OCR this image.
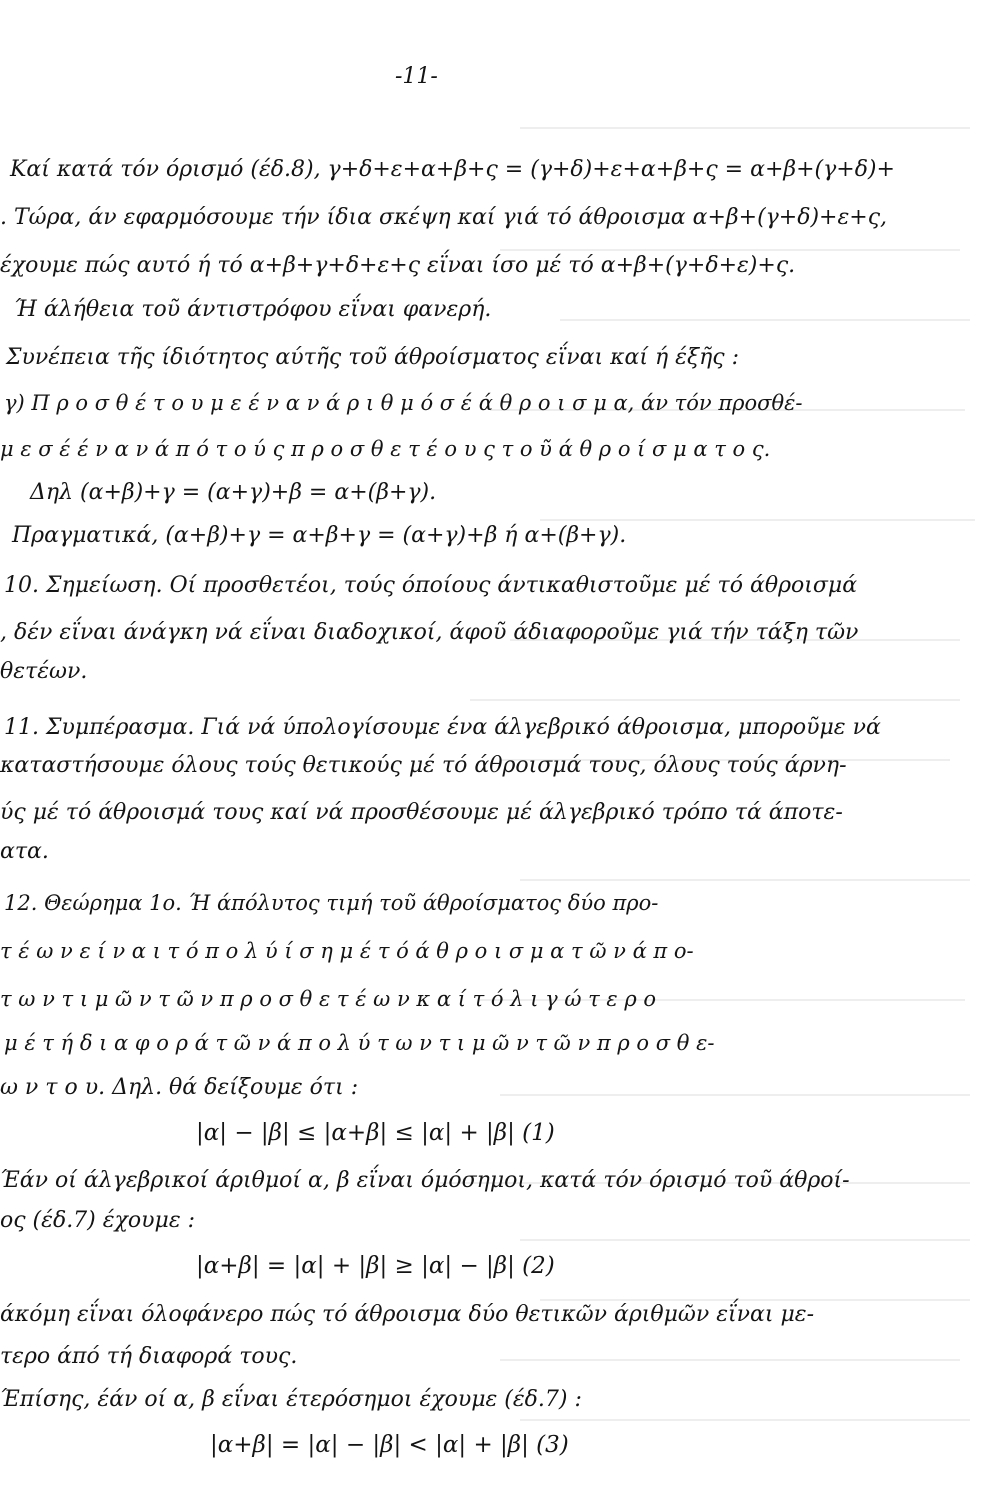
-11-
Καί κατά τόν όρισμό (έδ.8), γ+δ+ε+α+β+ς = (γ+δ)+ε+α+β+ς = α+β+(γ+δ)+
. Τώρα, άν εφαρμόσουμε τήν ίδια σκέψη καί γιά τό άθροισμα α+β+(γ+δ)+ε+ς,
έχουμε πώς αυτό ή τό α+β+γ+δ+ε+ς εΐναι ίσο μέ τό α+β+(γ+δ+ε)+ς.
Ή άλήθεια τοῦ άντιστρόφου εΐναι φανερή.
Συνέπεια τῆς ίδιότητος αύτῆς τοῦ άθροίσματος εΐναι καί ή έξῆς :
γ) Π ρ ο σ θ έ τ ο υ μ ε έ ν α ν ά ρ ι θ μ ό σ έ ά θ ρ ο ι σ μ α, άν τόν προσθέ-
μ ε σ έ έ ν α ν ά π ό τ ο ύ ς π ρ ο σ θ ε τ έ ο υ ς τ ο ῦ ά θ ρ ο ί σ μ α τ ο ς.
Δηλ (α+β)+γ = (α+γ)+β = α+(β+γ).
Πραγματικά, (α+β)+γ = α+β+γ = (α+γ)+β ή α+(β+γ).
10. Σημείωση. Οί προσθετέοι, τούς όποίους άντικαθιστοῦμε μέ τό άθροισμά
, δέν εΐναι άνάγκη νά εΐναι διαδοχικοί, άφοῦ άδιαφοροῦμε γιά τήν τάξη τῶν
θετέων.
11. Συμπέρασμα. Γιά νά ύπολογίσουμε ένα άλγεβρικό άθροισμα, μποροῦμε νά
καταστήσουμε όλους τούς θετικούς μέ τό άθροισμά τους, όλους τούς άρνη-
ύς μέ τό άθροισμά τους καί νά προσθέσουμε μέ άλγεβρικό τρόπο τά άποτε-
ατα.
12. Θεώρημα 1ο. Ή άπόλυτος τιμή τοῦ άθροίσματος δύο προ-
τ έ ω ν ε ί ν α ι τ ό π ο λ ύ ί σ η μ έ τ ό ά θ ρ ο ι σ μ α τ ῶ ν ά π ο-
τ ω ν τ ι μ ῶ ν τ ῶ ν π ρ ο σ θ ε τ έ ω ν κ α ί τ ό λ ι γ ώ τ ε ρ ο
μ έ τ ή δ ι α φ ο ρ ά τ ῶ ν ά π ο λ ύ τ ω ν τ ι μ ῶ ν τ ῶ ν π ρ ο σ θ ε-
ω ν τ ο υ. Δηλ. θά δείξουμε ότι :
|α| − |β| ≤ |α+β| ≤ |α| + |β| (1)
Έάν οί άλγεβρικοί άριθμοί α, β εΐναι όμόσημοι, κατά τόν όρισμό τοῦ άθροί-
ος (έδ.7) έχουμε :
|α+β| = |α| + |β| ≥ |α| − |β| (2)
άκόμη εΐναι όλοφάνερο πώς τό άθροισμα δύο θετικῶν άριθμῶν εΐναι με-
τερο άπό τή διαφορά τους.
Έπίσης, έάν οί α, β εΐναι έτερόσημοι έχουμε (έδ.7) :
|α+β| = |α| − |β| < |α| + |β| (3)
